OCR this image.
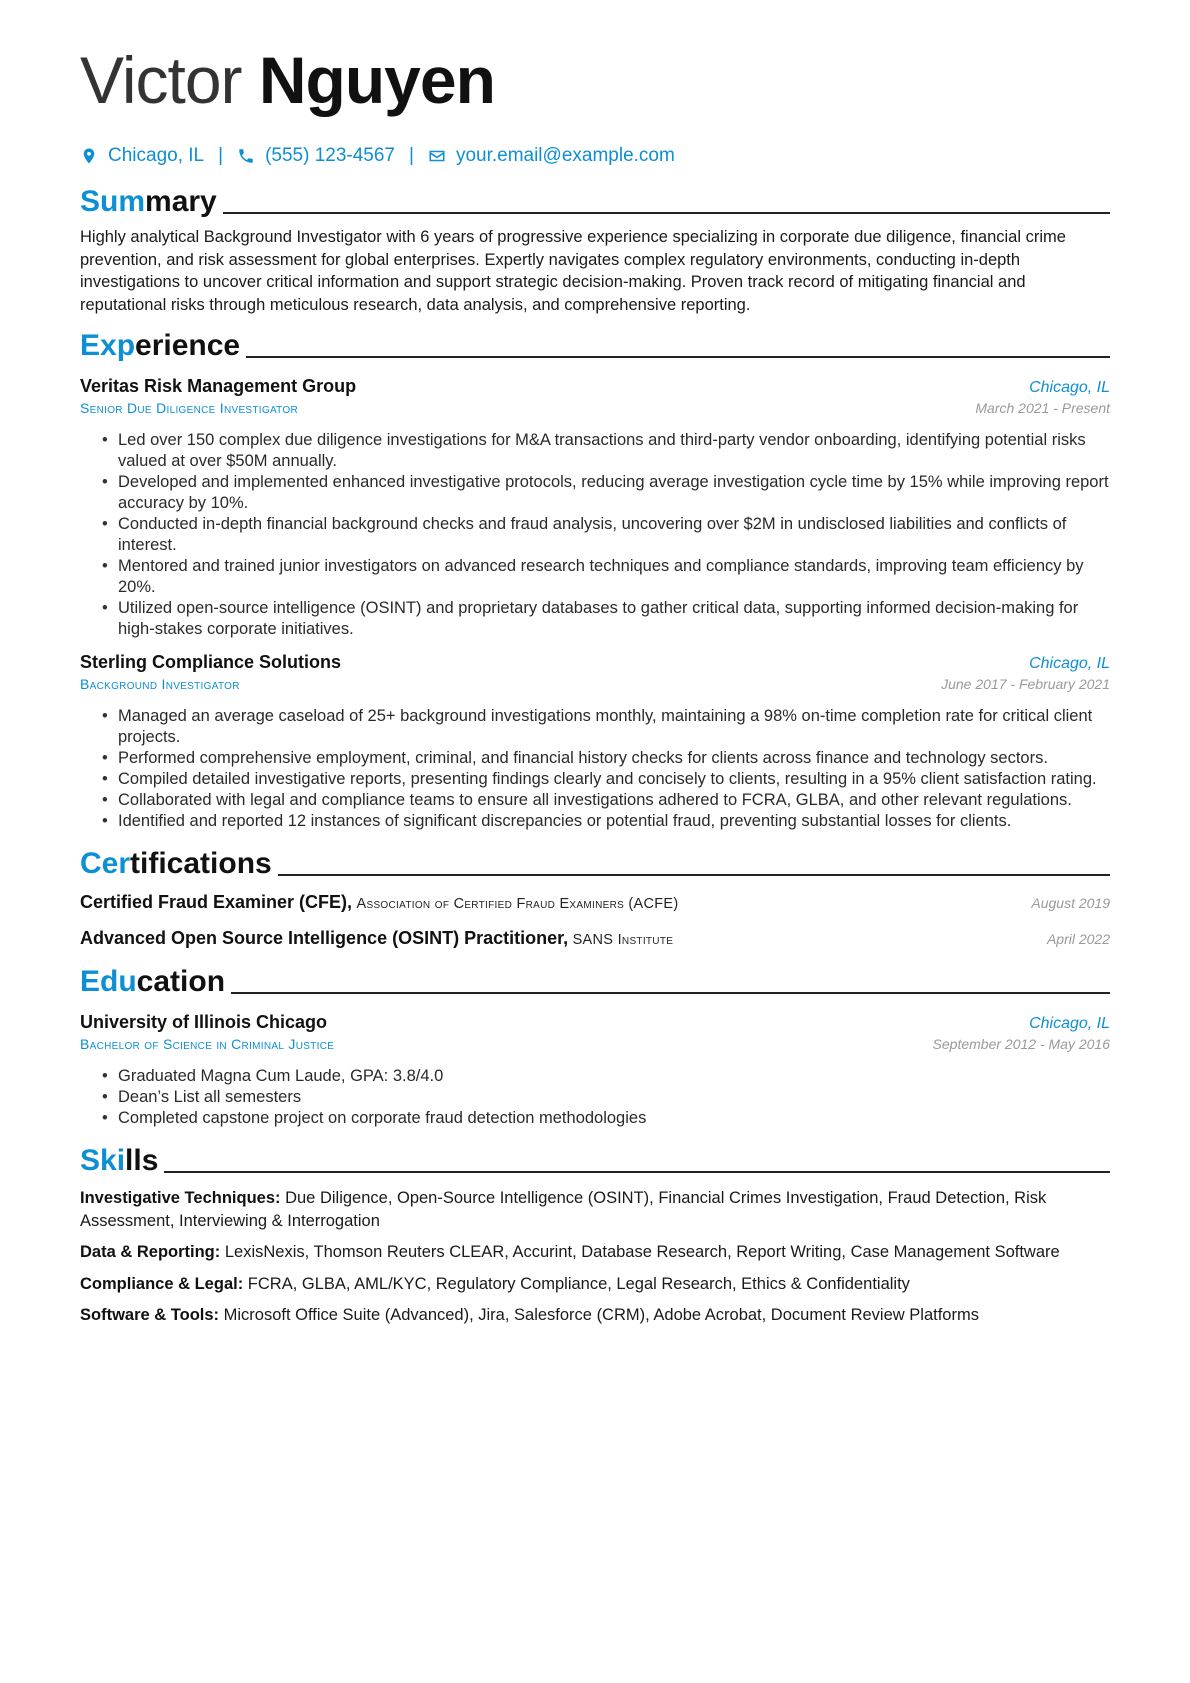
Victor Nguyen
Chicago, IL | (555) 123-4567 | your.email@example.com
Sum mary
Highly analytical Background Investigator with 6 years of progressive experience specializing in corporate due diligence, financial crime prevention, and risk assessment for global enterprises. Expertly navigates complex regulatory environments, conducting in-depth investigations to uncover critical information and support strategic decision-making. Proven track record of mitigating financial and reputational risks through meticulous research, data analysis, and comprehensive reporting.
Exp erience
Veritas Risk Management Group	Chicago, IL
Senior Due Diligence Investigator	March 2021 - Present
• Led over 150 complex due diligence investigations for M&A transactions and third-party vendor onboarding, identifying potential risks valued at over $50M annually.
• Developed and implemented enhanced investigative protocols, reducing average investigation cycle time by 15% while improving report accuracy by 10%.
• Conducted in-depth financial background checks and fraud analysis, uncovering over $2M in undisclosed liabilities and conflicts of interest.
• Mentored and trained junior investigators on advanced research techniques and compliance standards, improving team efficiency by 20%.
• Utilized open-source intelligence (OSINT) and proprietary databases to gather critical data, supporting informed decision-making for high-stakes corporate initiatives.
Sterling Compliance Solutions	Chicago, IL
Background Investigator	June 2017 - February 2021
• Managed an average caseload of 25+ background investigations monthly, maintaining a 98% on-time completion rate for critical client projects.
• Performed comprehensive employment, criminal, and financial history checks for clients across finance and technology sectors.
• Compiled detailed investigative reports, presenting findings clearly and concisely to clients, resulting in a 95% client satisfaction rating.
• Collaborated with legal and compliance teams to ensure all investigations adhered to FCRA, GLBA, and other relevant regulations.
• Identified and reported 12 instances of significant discrepancies or potential fraud, preventing substantial losses for clients.
Cer tifications
Certified Fraud Examiner (CFE), Association of Certified Fraud Examiners (ACFE)	August 2019
Advanced Open Source Intelligence (OSINT) Practitioner, SANS Institute	April 2022
Edu cation
University of Illinois Chicago	Chicago, IL
Bachelor of Science in Criminal Justice	September 2012 - May 2016
• Graduated Magna Cum Laude, GPA: 3.8/4.0
• Dean’s List all semesters
• Completed capstone project on corporate fraud detection methodologies
Ski lls
Investigative Techniques: Due Diligence, Open-Source Intelligence (OSINT), Financial Crimes Investigation, Fraud Detection, Risk Assessment, Interviewing & Interrogation
Data & Reporting: LexisNexis, Thomson Reuters CLEAR, Accurint, Database Research, Report Writing, Case Management Software
Compliance & Legal: FCRA, GLBA, AML/KYC, Regulatory Compliance, Legal Research, Ethics & Confidentiality
Software & Tools: Microsoft Office Suite (Advanced), Jira, Salesforce (CRM), Adobe Acrobat, Document Review Platforms
